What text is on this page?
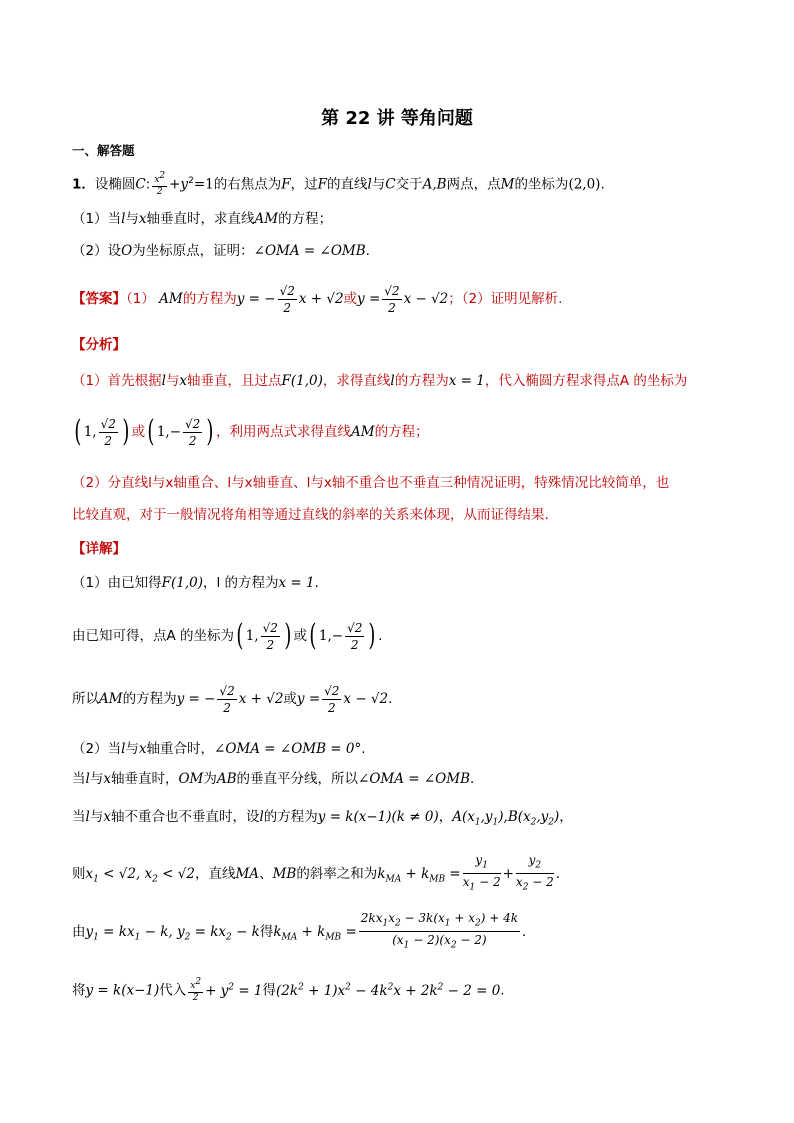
第 22 讲 等角问题
一、解答题
1．设椭圆C: $\frac{x^2}{2} +y^2=1$的右焦点为F，过F的直线l与C交于A,B两点，点M的坐标为(2,0).
（1）当l与x轴垂直时，求直线AM的方程；
（2）设O为坐标原点，证明：∠OMA = ∠OMB.
【答案】（1） AM的方程为y = − $\frac{√2}{2}$ x + √2或$y = \frac{√2}{2}$ x − √2；（2）证明见解析.
【分析】
（1）首先根据l与x轴垂直，且过点F(1,0)，求得直线l的方程为x = 1，代入椭圆方程求得点A 的坐标为
( 1, $\frac{√2}{2}$ ) 或( $1,- \frac{√2}{2}$ ) ，利用两点式求得直线AM的方程；
（2）分直线l与x轴重合、l与x轴垂直、l与x轴不重合也不垂直三种情况证明，特殊情况比较简单，也
比较直观，对于一般情况将角相等通过直线的斜率的关系来体现，从而证得结果.
【详解】
（1）由已知得F(1,0)，l 的方程为x = 1.
由已知可得，点A 的坐标为( 1, $\frac{√2}{2}$ ) 或( $1,- \frac{√2}{2}$ ) .
所以AM的方程为y = − $\frac{√2}{2}$ x + √2或$y = \frac{√2}{2}$ x − √2.
（2）当l与x轴重合时，∠OMA = ∠OMB = 0°.
当l与x轴垂直时，OM为AB的垂直平分线，所以∠OMA = ∠OMB.
当l与x轴不重合也不垂直时，设l的方程为y = k(x−1)(k ≠ 0)，$A(x_1,y_1),B(x_2,y_2)$，
则$x_1 < √2$, $x_2 < √2$，直线MA、MB的斜率之和为$k_{MA} + k_{MB} = \frac{y_1}{x_1 - 2} + \frac{y_2}{x_2 - 2}$ .
由$y_1 = kx_1 - k$, $y_2 = kx_2 - k$得$k_{MA} + k_{MB} = \frac{2kx_1x_2 - 3k(x_1 + x_2) + 4k}{(x_1 - 2)(x_2 - 2)}$ .
将y = k(x−1)代入 $\frac{x^2}{2} + y^2 = 1$得$(2k^2 + 1)x^2 - 4k^2x + 2k^2 - 2 = 0$.
